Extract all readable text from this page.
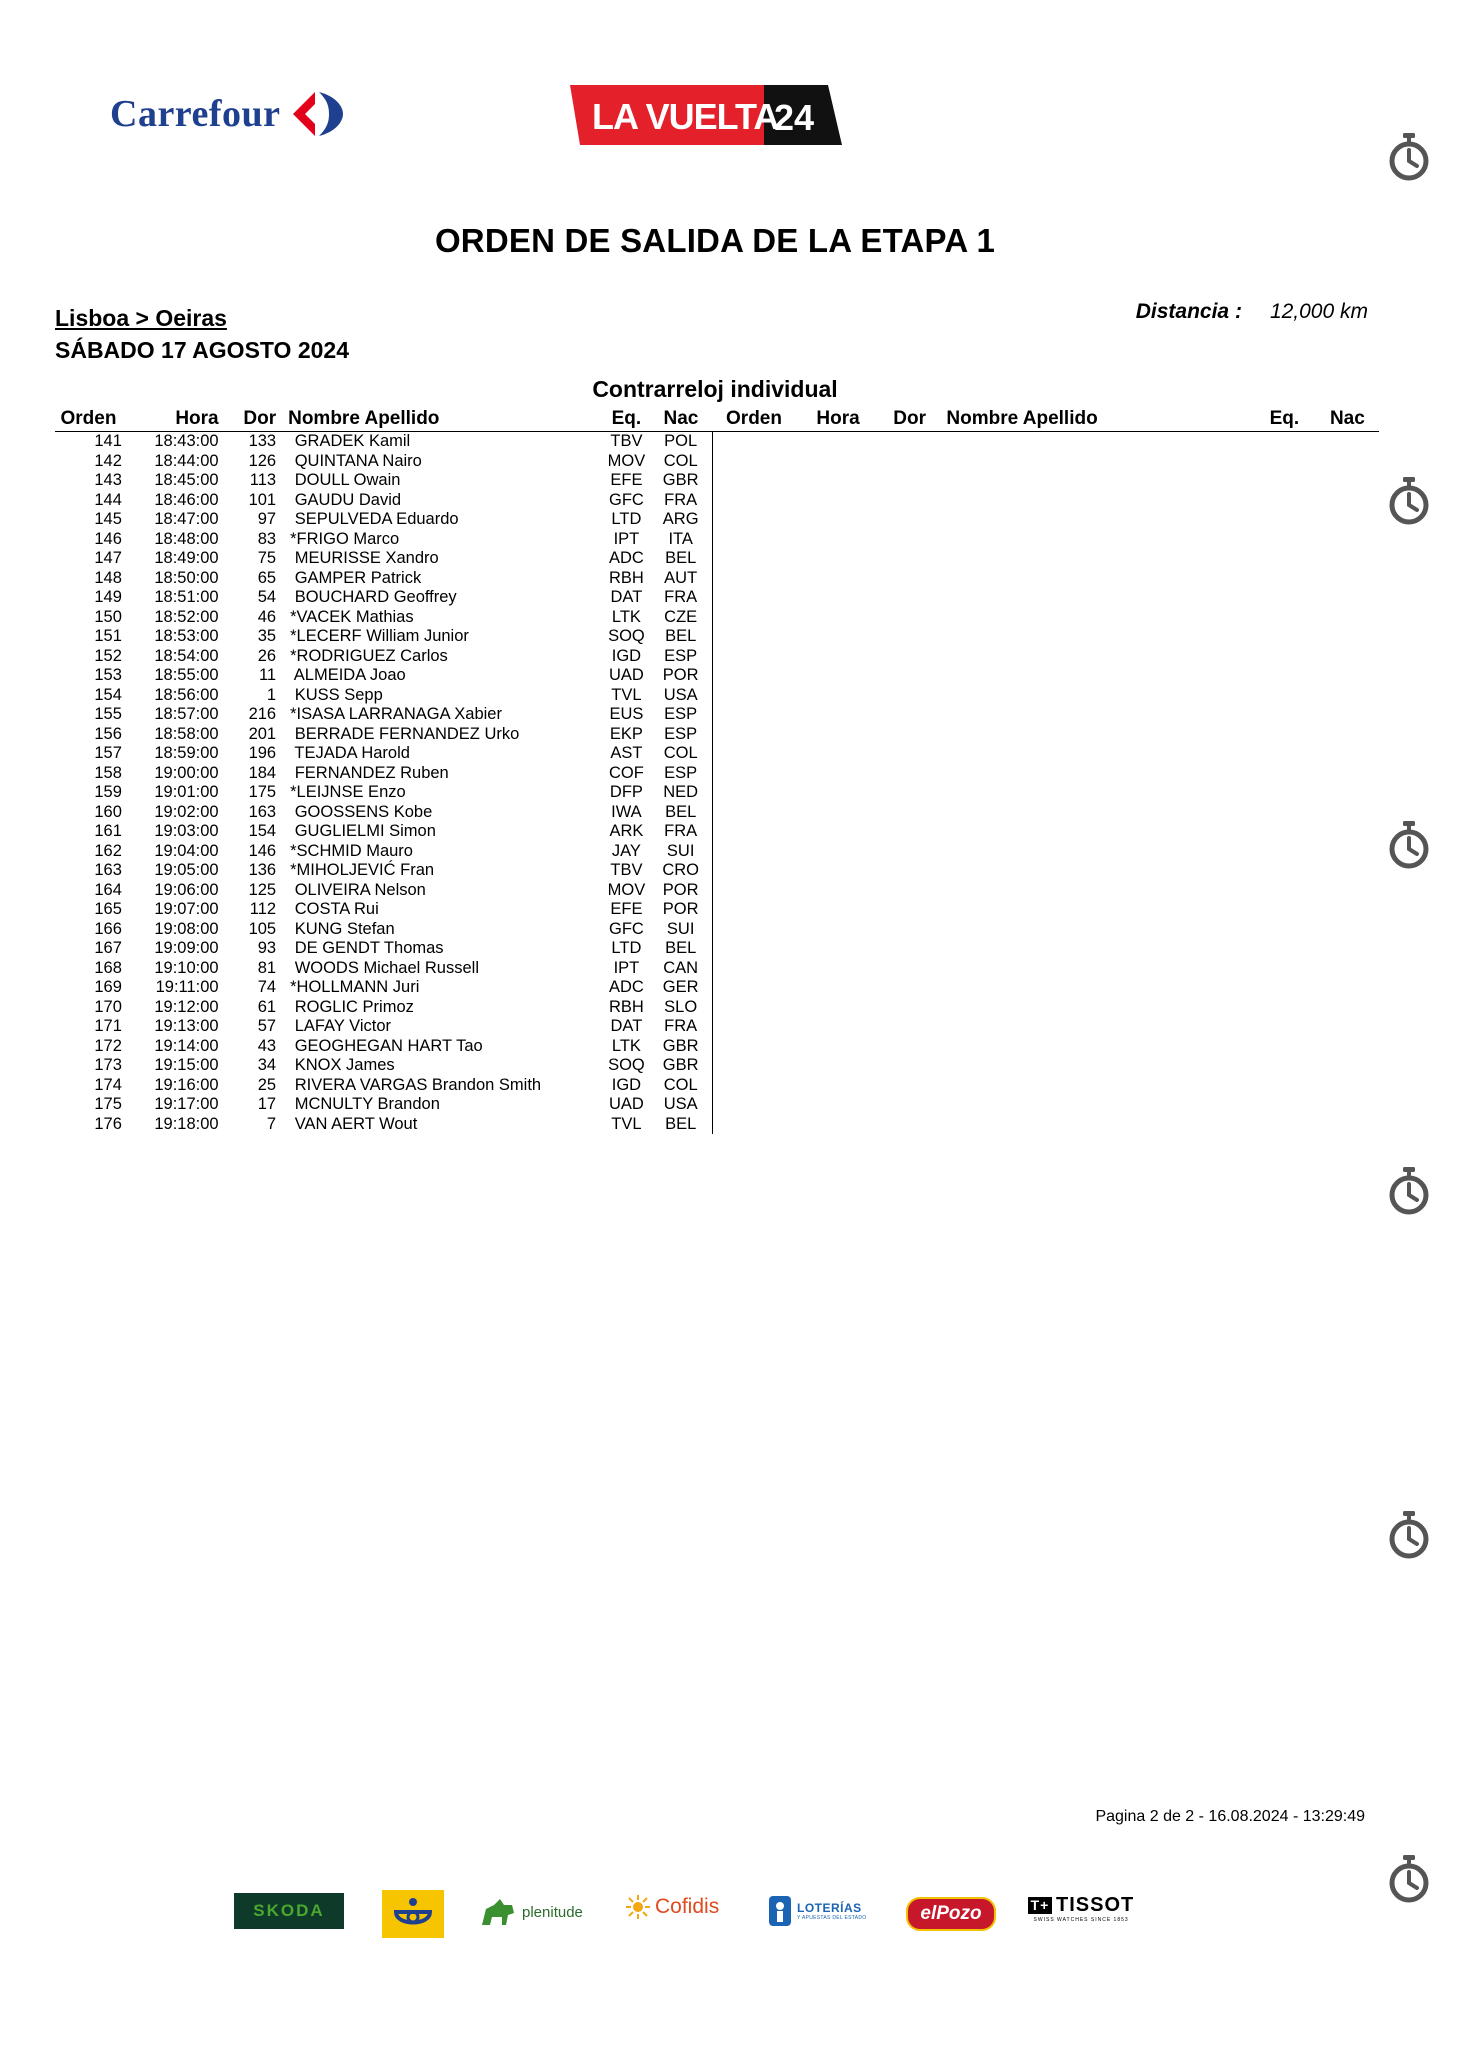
Carrefour	LA VUELTA
24
ORDEN DE SALIDA DE LA ETAPA 1
Lisboa > Oeiras
SÁBADO 17 AGOSTO 2024
Distancia : 12,000 km
Contrarreloj individual
Orden	Hora	Dor	Nombre Apellido	Eq.	Nac	Orden	Hora	Dor	Nombre Apellido	Eq.	Nac
141	18:43:00	133	GRADEK Kamil	TBV	POL						
142	18:44:00	126	QUINTANA Nairo	MOV	COL						
143	18:45:00	113	DOULL Owain	EFE	GBR						
144	18:46:00	101	GAUDU David	GFC	FRA						
145	18:47:00	97	SEPULVEDA Eduardo	LTD	ARG						
146	18:48:00	83	*FRIGO Marco	IPT	ITA						
147	18:49:00	75	MEURISSE Xandro	ADC	BEL						
148	18:50:00	65	GAMPER Patrick	RBH	AUT						
149	18:51:00	54	BOUCHARD Geoffrey	DAT	FRA						
150	18:52:00	46	*VACEK Mathias	LTK	CZE						
151	18:53:00	35	*LECERF William Junior	SOQ	BEL						
152	18:54:00	26	*RODRIGUEZ Carlos	IGD	ESP						
153	18:55:00	11	ALMEIDA Joao	UAD	POR						
154	18:56:00	1	KUSS Sepp	TVL	USA						
155	18:57:00	216	*ISASA LARRANAGA Xabier	EUS	ESP						
156	18:58:00	201	BERRADE FERNANDEZ Urko	EKP	ESP						
157	18:59:00	196	TEJADA Harold	AST	COL						
158	19:00:00	184	FERNANDEZ Ruben	COF	ESP						
159	19:01:00	175	*LEIJNSE Enzo	DFP	NED						
160	19:02:00	163	GOOSSENS Kobe	IWA	BEL						
161	19:03:00	154	GUGLIELMI Simon	ARK	FRA						
162	19:04:00	146	*SCHMID Mauro	JAY	SUI						
163	19:05:00	136	*MIHOLJEVIĆ Fran	TBV	CRO						
164	19:06:00	125	OLIVEIRA Nelson	MOV	POR						
165	19:07:00	112	COSTA Rui	EFE	POR						
166	19:08:00	105	KUNG Stefan	GFC	SUI						
167	19:09:00	93	DE GENDT Thomas	LTD	BEL						
168	19:10:00	81	WOODS Michael Russell	IPT	CAN						
169	19:11:00	74	*HOLLMANN Juri	ADC	GER						
170	19:12:00	61	ROGLIC Primoz	RBH	SLO						
171	19:13:00	57	LAFAY Victor	DAT	FRA						
172	19:14:00	43	GEOGHEGAN HART Tao	LTK	GBR						
173	19:15:00	34	KNOX James	SOQ	GBR						
174	19:16:00	25	RIVERA VARGAS Brandon Smith	IGD	COL						
175	19:17:00	17	MCNULTY Brandon	UAD	USA						
176	19:18:00	7	VAN AERT Wout	TVL	BEL						
Pagina 2 de 2 - 16.08.2024 - 13:29:49
SKODA	plenitude	Cofidis	LOTERÍAS
Y APUESTAS DEL ESTADO	elPozo	T+ TISSOT
SWISS WATCHES SINCE 1853
